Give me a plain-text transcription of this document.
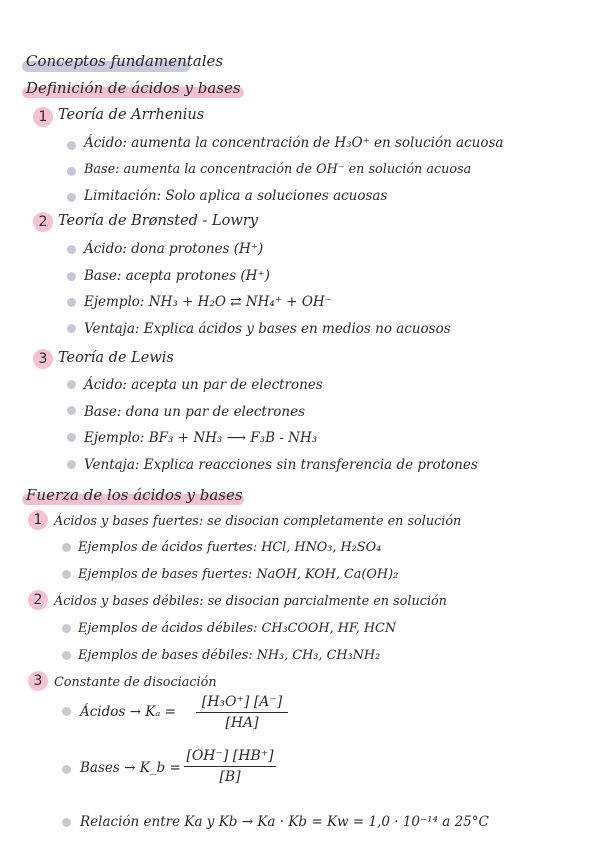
Conceptos fundamentales
Definición de ácidos y bases
1 Teoría de Arrhenius
Ácido: aumenta la concentración de H₃O⁺ en solución acuosa
Base: aumenta la concentración de OH⁻ en solución acuosa
Limitación: Solo aplica a soluciones acuosas
2 Teoría de Brønsted - Lowry
Ácido: dona protones (H⁺)
Base: acepta protones (H⁺)
Ejemplo: NH₃ + H₂O ⇄ NH₄⁺ + OH⁻
Ventaja: Explica ácidos y bases en medios no acuosos
3 Teoría de Lewis
Ácido: acepta un par de electrones
Base: dona un par de electrones
Ejemplo: BF₃ + NH₃ ⟶ F₃B - NH₃
Ventaja: Explica reacciones sin transferencia de protones
Fuerza de los ácidos y bases
1 Ácidos y bases fuertes: se disocian completamente en solución
Ejemplos de ácidos fuertes: HCl, HNO₃, H₂SO₄
Ejemplos de bases fuertes: NaOH, KOH, Ca(OH)₂
2 Ácidos y bases débiles: se disocian parcialmente en solución
Ejemplos de ácidos débiles: CH₃COOH, HF, HCN
Ejemplos de bases débiles: NH₃, CH₃, CH₃NH₂
3 Constante de disociación
Ácidos → Kₐ =
[H₃O⁺] [A⁻]
[HA]
Bases → K_b =
[OH⁻] [HB⁺]
[B]
Relación entre Ka y Kb → Ka · Kb = Kw = 1,0 · 10⁻¹⁴ a 25°C
